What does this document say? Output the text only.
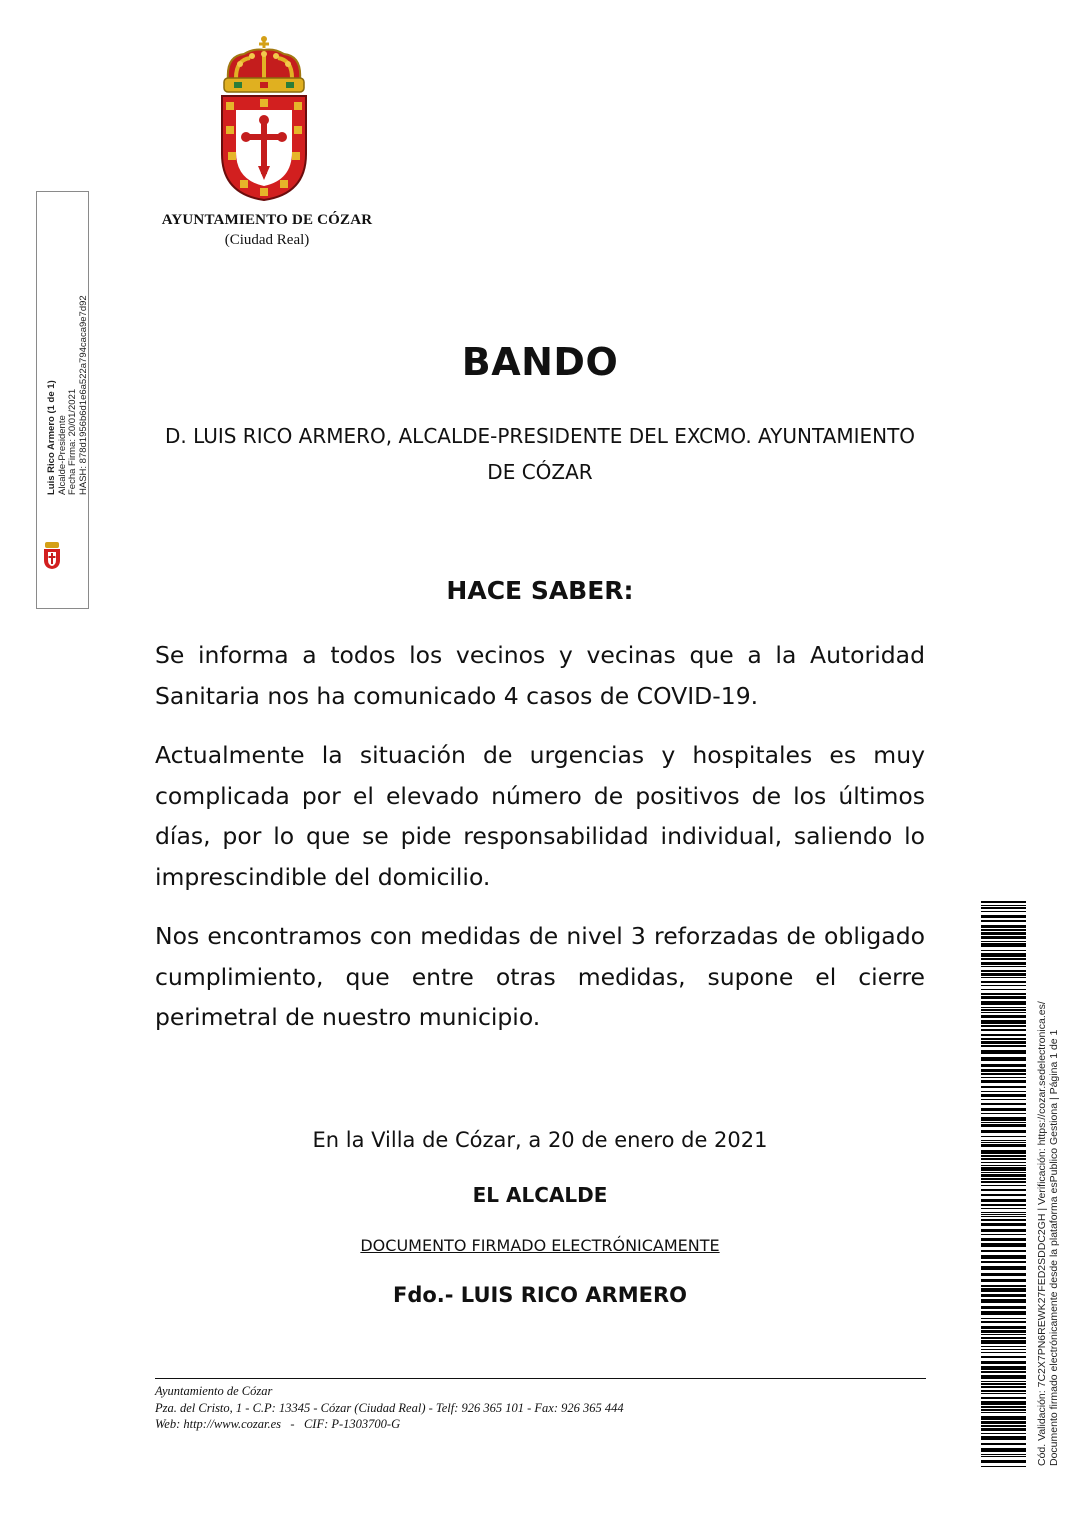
AYUNTAMIENTO DE CÓZAR
(Ciudad Real)
Luis Rico Armero (1 de 1) Alcalde-Presidente Fecha Firma: 20/01/2021 HASH: 878d1956b6d1e6a522a794caca9e7d92	BANDO
D. LUIS RICO ARMERO, ALCALDE-PRESIDENTE DEL EXCMO. AYUNTAMIENTO DE CÓZAR
HACE SABER:

Se informa a todos los vecinos y vecinas que a la Autoridad Sanitaria nos ha comunicado 4 casos de COVID-19.

Actualmente la situación de urgencias y hospitales es muy complicada por el elevado número de positivos de los últimos días, por lo que se pide responsabilidad individual, saliendo lo imprescindible del domicilio.

Nos encontramos con medidas de nivel 3 reforzadas de obligado cumplimiento, que entre otras medidas, supone el cierre perimetral de nuestro municipio.

En la Villa de Cózar, a 20 de enero de 2021
EL ALCALDE
DOCUMENTO FIRMADO ELECTRÓNICAMENTE
Fdo.- LUIS RICO ARMERO
Ayuntamiento de Cózar
Pza. del Cristo, 1 - C.P: 13345 - Cózar (Ciudad Real) - Telf: 926 365 101 - Fax: 926 365 444
Web: http://www.cozar.es   -   CIF: P-1303700-G	Cód. Validación: 7C2X7PN6REWK27FED2SDDC2GH | Verificación: https://cozar.sedelectronica.es/ Documento firmado electrónicamente desde la plataforma esPublico Gestiona | Página 1 de 1
